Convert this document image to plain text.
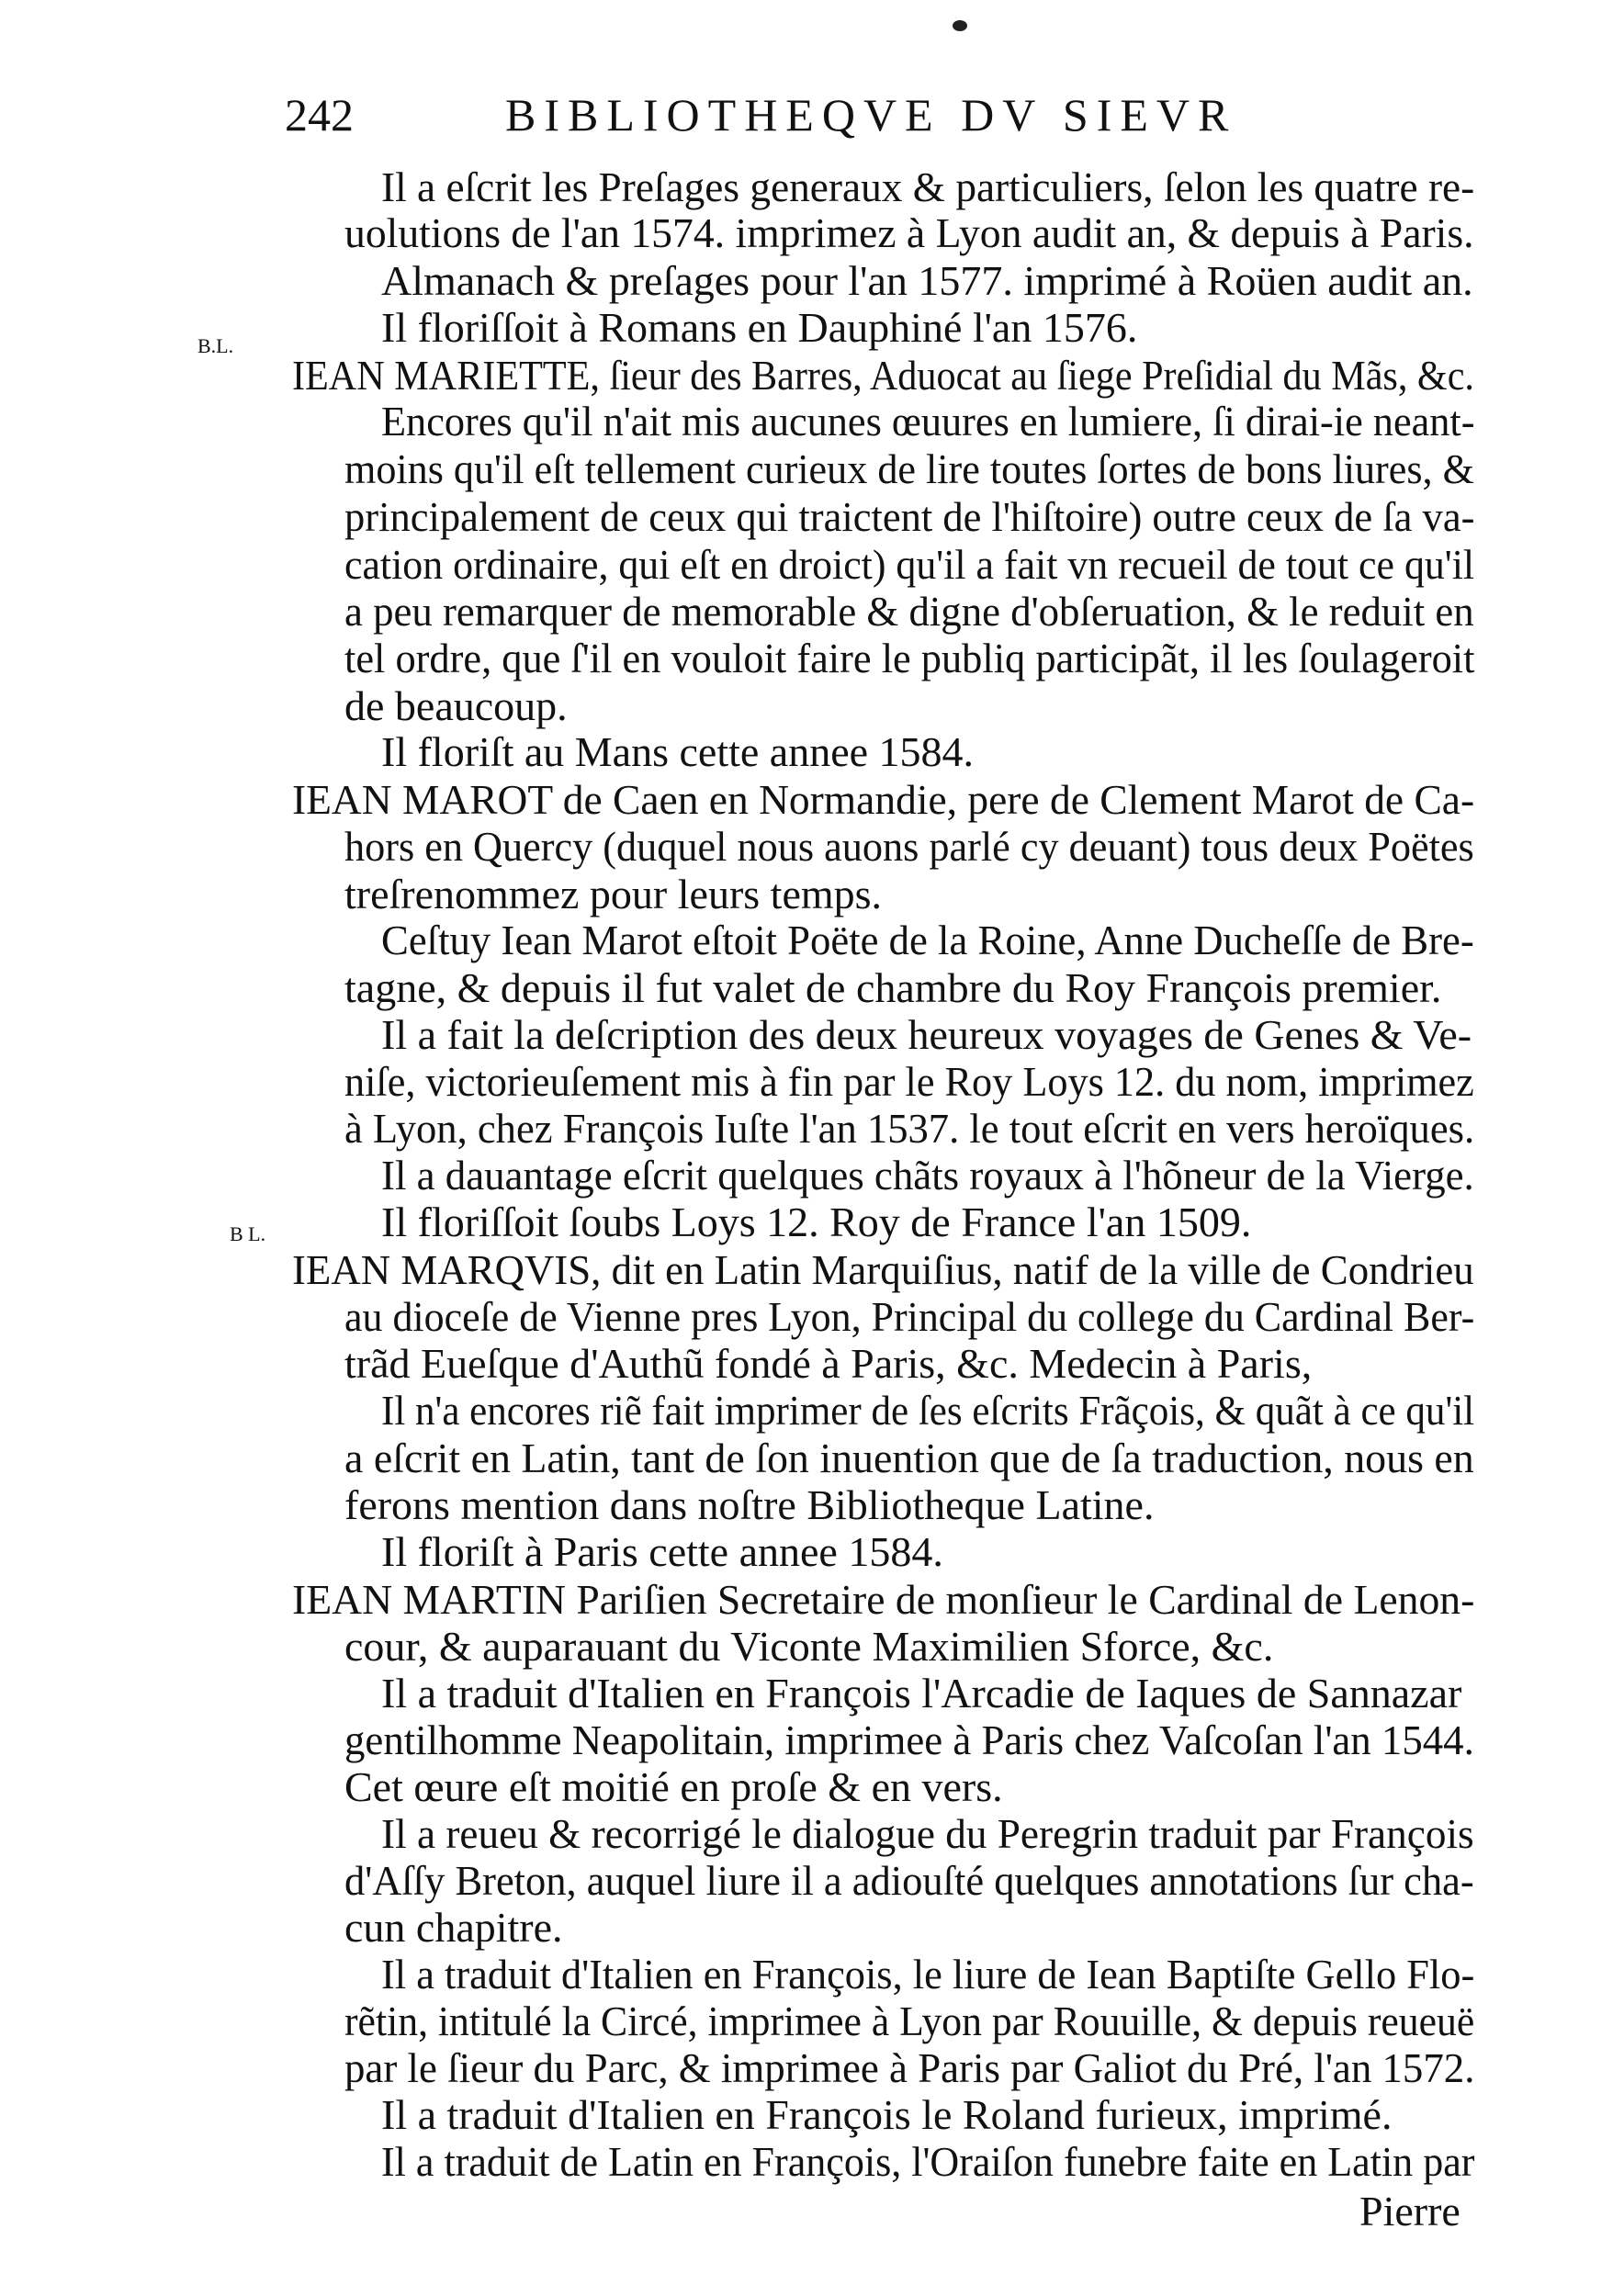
242	BIBLIOTHEQVE DV SIEVR
B.L.
B L.
Il a eſcrit les Preſages generaux & particuliers, ſelon les quatre re-
uolutions de l'an 1574. imprimez à Lyon audit an, & depuis à Paris.
Almanach & preſages pour l'an 1577. imprimé à Roüen audit an.
Il floriſſoit à Romans en Dauphiné l'an 1576.
IEAN MARIETTE, ſieur des Barres, Aduocat au ſiege Preſidial du Mãs, &c.
Encores qu'il n'ait mis aucunes œuures en lumiere, ſi dirai-ie neant-
moins qu'il eſt tellement curieux de lire toutes ſortes de bons liures, &
principalement de ceux qui traictent de l'hiſtoire) outre ceux de ſa va-
cation ordinaire, qui eſt en droict) qu'il a fait vn recueil de tout ce qu'il
a peu remarquer de memorable & digne d'obſeruation, & le reduit en
tel ordre, que ſ'il en vouloit faire le publiq participãt, il les ſoulageroit
de beaucoup.
Il floriſt au Mans cette annee 1584.
IEAN MAROT de Caen en Normandie, pere de Clement Marot de Ca-
hors en Quercy (duquel nous auons parlé cy deuant) tous deux Poëtes
treſrenommez pour leurs temps.
Ceſtuy Iean Marot eſtoit Poëte de la Roine, Anne Ducheſſe de Bre-
tagne, & depuis il fut valet de chambre du Roy François premier.
Il a fait la deſcription des deux heureux voyages de Genes & Ve-
niſe, victorieuſement mis à fin par le Roy Loys 12. du nom, imprimez
à Lyon, chez François Iuſte l'an 1537. le tout eſcrit en vers heroïques.
Il a dauantage eſcrit quelques chãts royaux à l'hõneur de la Vierge.
Il floriſſoit ſoubs Loys 12. Roy de France l'an 1509.
IEAN MARQVIS, dit en Latin Marquiſius, natif de la ville de Condrieu
au dioceſe de Vienne pres Lyon, Principal du college du Cardinal Ber-
trãd Eueſque d'Authũ fondé à Paris, &c. Medecin à Paris,
Il n'a encores riẽ fait imprimer de ſes eſcrits Frãçois, & quãt à ce qu'il
a eſcrit en Latin, tant de ſon inuention que de ſa traduction, nous en
ferons mention dans noſtre Bibliotheque Latine.
Il floriſt à Paris cette annee 1584.
IEAN MARTIN Pariſien Secretaire de monſieur le Cardinal de Lenon-
cour, & auparauant du Viconte Maximilien Sforce, &c.
Il a traduit d'Italien en François l'Arcadie de Iaques de Sannazar
gentilhomme Neapolitain, imprimee à Paris chez Vaſcoſan l'an 1544.
Cet œure eſt moitié en proſe & en vers.
Il a reueu & recorrigé le dialogue du Peregrin traduit par François
d'Aſſy Breton, auquel liure il a adiouſté quelques annotations ſur cha-
cun chapitre.
Il a traduit d'Italien en François, le liure de Iean Baptiſte Gello Flo-
rẽtin, intitulé la Circé, imprimee à Lyon par Rouuille, & depuis reueuë
par le ſieur du Parc, & imprimee à Paris par Galiot du Pré, l'an 1572.
Il a traduit d'Italien en François le Roland furieux, imprimé.
Il a traduit de Latin en François, l'Oraiſon funebre faite en Latin par
Pierre
